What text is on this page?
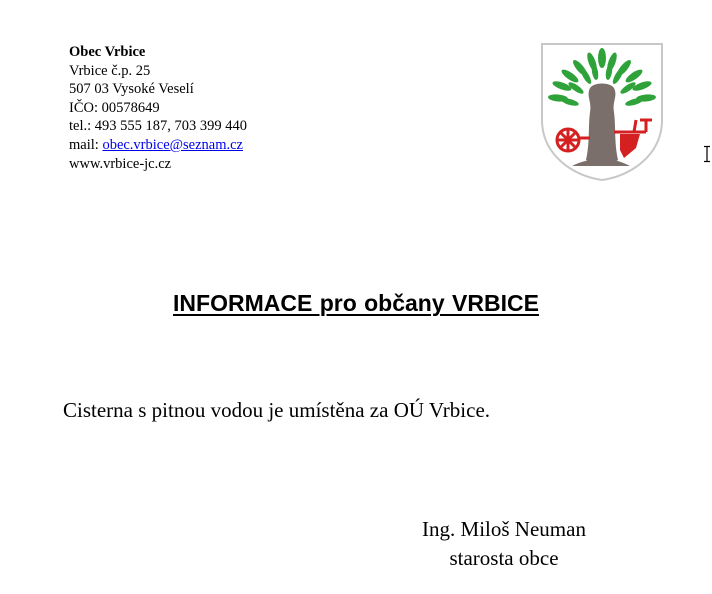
Obec Vrbice
Vrbice č.p. 25
507 03 Vysoké Veselí
IČO: 00578649
tel.: 493 555 187, 703 399 440
mail: obec.vrbice@seznam.cz
www.vrbice-jc.cz
INFORMACE pro občany VRBICE
Cisterna s pitnou vodou je umístěna za OÚ Vrbice.
Ing. Miloš Neuman
starosta obce
